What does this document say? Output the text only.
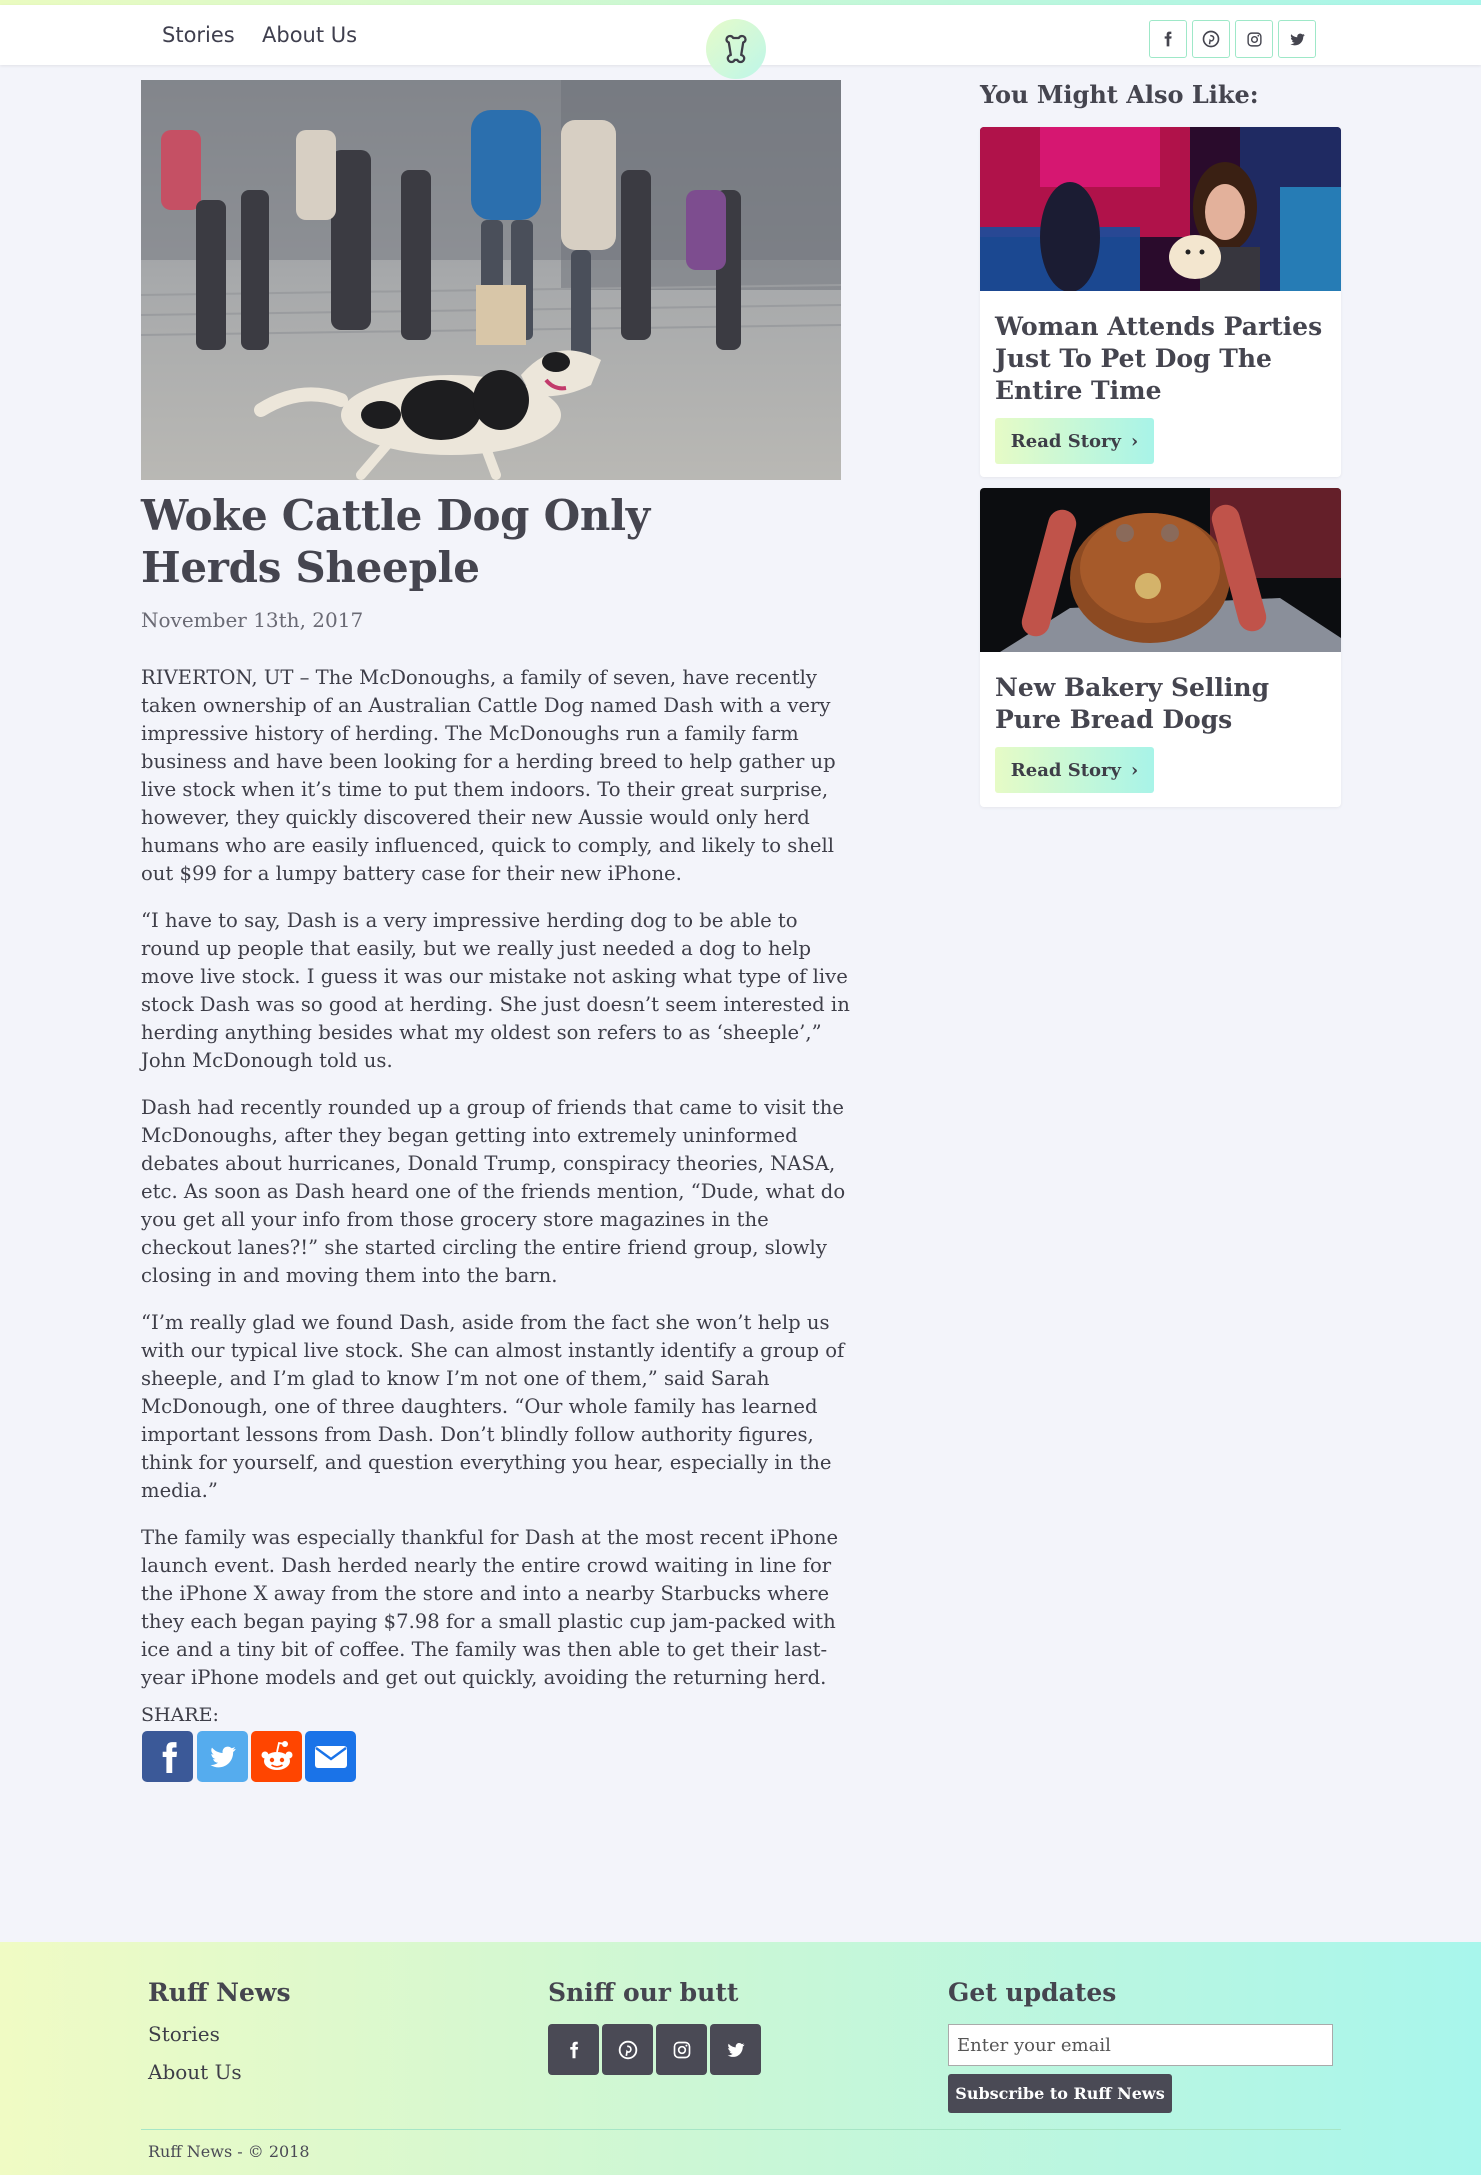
Stories About Us
Woke Cattle Dog Only Herds Sheeple
November 13th, 2017

RIVERTON, UT – The McDonoughs, a family of seven, have recently taken ownership of an Australian Cattle Dog named Dash with a very impressive history of herding. The McDonoughs run a family farm business and have been looking for a herding breed to help gather up live stock when it’s time to put them indoors. To their great surprise, however, they quickly discovered their new Aussie would only herd humans who are easily influenced, quick to comply, and likely to shell out $99 for a lumpy battery case for their new iPhone.

“I have to say, Dash is a very impressive herding dog to be able to round up people that easily, but we really just needed a dog to help move live stock. I guess it was our mistake not asking what type of live stock Dash was so good at herding. She just doesn’t seem interested in herding anything besides what my oldest son refers to as ‘sheeple’,” John McDonough told us.

Dash had recently rounded up a group of friends that came to visit the McDonoughs, after they began getting into extremely uninformed debates about hurricanes, Donald Trump, conspiracy theories, NASA, etc. As soon as Dash heard one of the friends mention, “Dude, what do you get all your info from those grocery store magazines in the checkout lanes?!” she started circling the entire friend group, slowly closing in and moving them into the barn.

“I’m really glad we found Dash, aside from the fact she won’t help us with our typical live stock. She can almost instantly identify a group of sheeple, and I’m glad to know I’m not one of them,” said Sarah McDonough, one of three daughters. “Our whole family has learned important lessons from Dash. Don’t blindly follow authority figures, think for yourself, and question everything you hear, especially in the media.”

The family was especially thankful for Dash at the most recent iPhone launch event. Dash herded nearly the entire crowd waiting in line for the iPhone X away from the store and into a nearby Starbucks where they each began paying $7.98 for a small plastic cup jam-packed with ice and a tiny bit of coffee. The family was then able to get their last-year iPhone models and get out quickly, avoiding the returning herd.

SHARE:
You Might Also Like:
Woman Attends Parties Just To Pet Dog The Entire Time
Read Story ›
New Bakery Selling Pure Bread Dogs
Read Story ›
Ruff News
Stories
About Us
Sniff our butt	Get updates
Enter your email
Subscribe to Ruff News
Ruff News - © 2018
